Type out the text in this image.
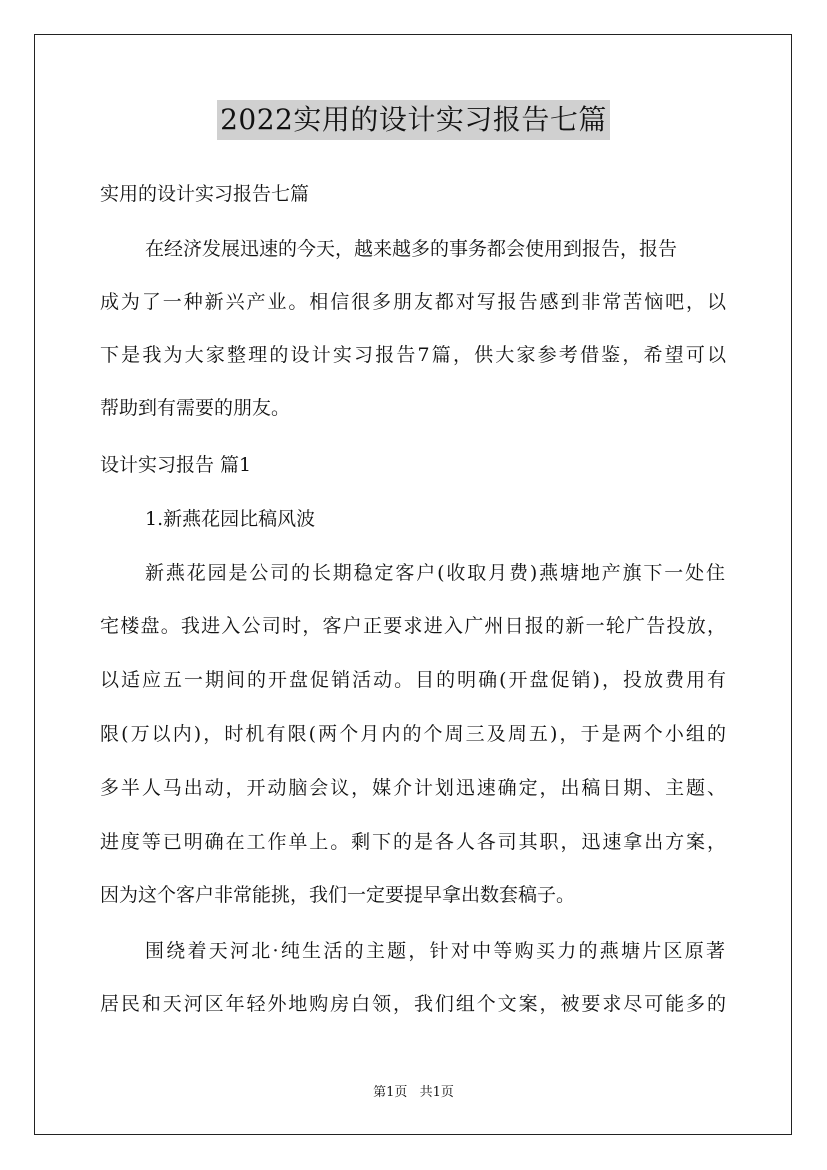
2022实用的设计实习报告七篇
实用的设计实习报告七篇
在经济发展迅速的今天，越来越多的事务都会使用到报告，报告
成为了一种新兴产业。相信很多朋友都对写报告感到非常苦恼吧，以
下是我为大家整理的设计实习报告7篇，供大家参考借鉴，希望可以
帮助到有需要的朋友。
设计实习报告 篇1
1.新燕花园比稿风波
新燕花园是公司的长期稳定客户(收取月费)燕塘地产旗下一处住
宅楼盘。我进入公司时，客户正要求进入广州日报的新一轮广告投放，
以适应五一期间的开盘促销活动。目的明确(开盘促销)，投放费用有
限(万以内)，时机有限(两个月内的个周三及周五)，于是两个小组的
多半人马出动，开动脑会议，媒介计划迅速确定，出稿日期、主题、
进度等已明确在工作单上。剩下的是各人各司其职，迅速拿出方案，
因为这个客户非常能挑，我们一定要提早拿出数套稿子。
围绕着天河北·纯生活的主题，针对中等购买力的燕塘片区原著
居民和天河区年轻外地购房白领，我们组个文案，被要求尽可能多的
第1页 共1页
